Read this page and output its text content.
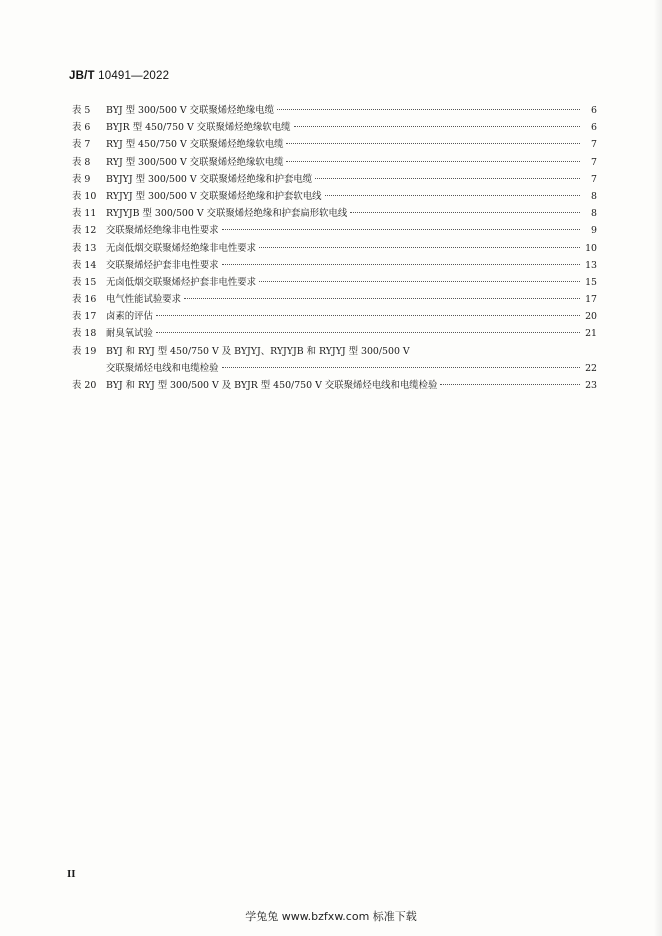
JB/T 10491—2022
表 5	BYJ 型 300/500 V 交联聚烯烃绝缘电缆	6
表 6	BYJR 型 450/750 V 交联聚烯烃绝缘软电缆	6
表 7	RYJ 型 450/750 V 交联聚烯烃绝缘软电缆	7
表 8	RYJ 型 300/500 V 交联聚烯烃绝缘软电缆	7
表 9	BYJYJ 型 300/500 V 交联聚烯烃绝缘和护套电缆	7
表 10	RYJYJ 型 300/500 V 交联聚烯烃绝缘和护套软电线	8
表 11	RYJYJB 型 300/500 V 交联聚烯烃绝缘和护套扁形软电线	8
表 12	交联聚烯烃绝缘非电性要求	9
表 13	无卤低烟交联聚烯烃绝缘非电性要求	10
表 14	交联聚烯烃护套非电性要求	13
表 15	无卤低烟交联聚烯烃护套非电性要求	15
表 16	电气性能试验要求	17
表 17	卤素的评估	20
表 18	耐臭氧试验	21
表 19	BYJ 和 RYJ 型 450/750 V 及 BYJYJ、RYJYJB 和 RYJYJ 型 300/500 V
交联聚烯烃电线和电缆检验	22
表 20	BYJ 和 RYJ 型 300/500 V 及 BYJR 型 450/750 V 交联聚烯烃电线和电缆检验	23
II
学兔兔 www.bzfxw.com 标准下载
